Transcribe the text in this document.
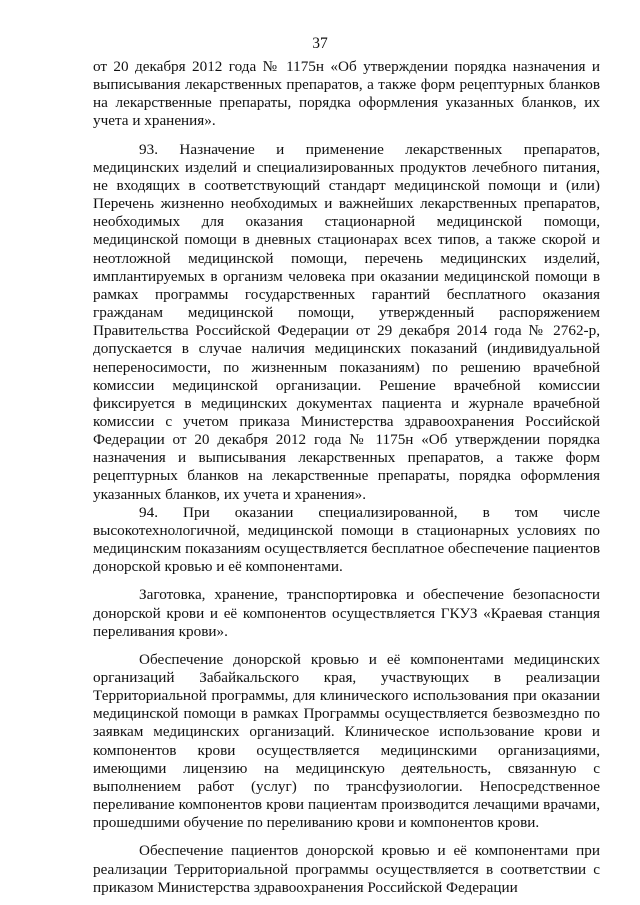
37

от 20 декабря 2012 года № 1175н «Об утверждении порядка назначения и выписывания лекарственных препаратов, а также форм рецептурных бланков на лекарственные препараты, порядка оформления указанных бланков, их учета и хранения».

93. Назначение и применение лекарственных препаратов, медицинских изделий и специализированных продуктов лечебного питания, не входящих в соответствующий стандарт медицинской помощи и (или) Перечень жизненно необходимых и важнейших лекарственных препаратов, необходимых для оказания стационарной медицинской помощи, медицинской помощи в дневных стационарах всех типов, а также скорой и неотложной медицинской помощи, перечень медицинских изделий, имплантируемых в организм человека при оказании медицинской помощи в рамках программы государственных гарантий бесплатного оказания гражданам медицинской помощи, утвержденный распоряжением Правительства Российской Федерации от 29 декабря 2014 года № 2762-р, допускается в случае наличия медицинских показаний (индивидуальной непереносимости, по жизненным показаниям) по решению врачебной комиссии медицинской организации. Решение врачебной комиссии фиксируется в медицинских документах пациента и журнале врачебной комиссии с учетом приказа Министерства здравоохранения Российской Федерации от 20 декабря 2012 года № 1175н «Об утверждении порядка назначения и выписывания лекарственных препаратов, а также форм рецептурных бланков на лекарственные препараты, порядка оформления указанных бланков, их учета и хранения».

94. При оказании специализированной, в том числе высокотехнологичной, медицинской помощи в стационарных условиях по медицинским показаниям осуществляется бесплатное обеспечение пациентов донорской кровью и её компонентами.

Заготовка, хранение, транспортировка и обеспечение безопасности донорской крови и её компонентов осуществляется ГКУЗ «Краевая станция переливания крови».

Обеспечение донорской кровью и её компонентами медицинских организаций Забайкальского края, участвующих в реализации Территориальной программы, для клинического использования при оказании медицинской помощи в рамках Программы осуществляется безвозмездно по заявкам медицинских организаций. Клиническое использование крови и компонентов крови осуществляется медицинскими организациями, имеющими лицензию на медицинскую деятельность, связанную с выполнением работ (услуг) по трансфузиологии. Непосредственное переливание компонентов крови пациентам производится лечащими врачами, прошедшими обучение по переливанию крови и компонентов крови.

Обеспечение пациентов донорской кровью и её компонентами при реализации Территориальной программы осуществляется в соответствии с приказом Министерства здравоохранения Российской Федерации
